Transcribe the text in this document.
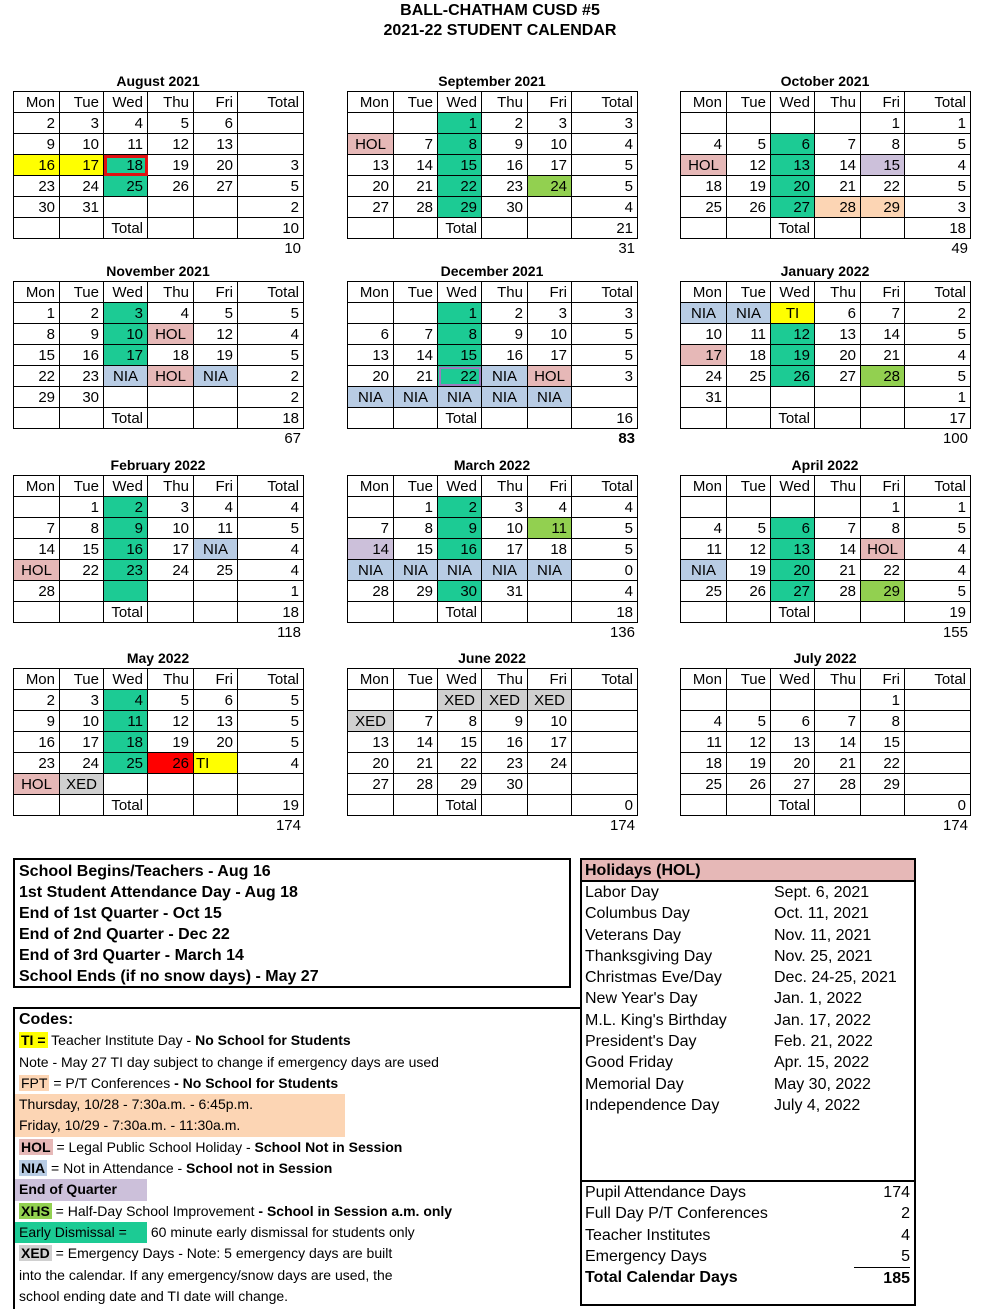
BALL-CHATHAM CUSD #5
2021-22 STUDENT CALENDAR
August 2021
Mon	Tue	Wed	Thu	Fri	Total
2	3	4	5	6	
9	10	11	12	13	
16	17	18	19	20	3
23	24	25	26	27	5
30	31				2
		Total			10
10
September 2021
Mon	Tue	Wed	Thu	Fri	Total
		1	2	3	3
HOL	7	8	9	10	4
13	14	15	16	17	5
20	21	22	23	24	5
27	28	29	30		4
		Total			21
31
October 2021
Mon	Tue	Wed	Thu	Fri	Total
				1	1
4	5	6	7	8	5
HOL	12	13	14	15	4
18	19	20	21	22	5
25	26	27	28	29	3
		Total			18
49
November 2021
Mon	Tue	Wed	Thu	Fri	Total
1	2	3	4	5	5
8	9	10	HOL	12	4
15	16	17	18	19	5
22	23	NIA	HOL	NIA	2
29	30				2
		Total			18
67
December 2021
Mon	Tue	Wed	Thu	Fri	Total
		1	2	3	3
6	7	8	9	10	5
13	14	15	16	17	5
20	21	22	NIA	HOL	3
NIA	NIA	NIA	NIA	NIA	
		Total			16
83
January 2022
Mon	Tue	Wed	Thu	Fri	Total
NIA	NIA	TI	6	7	2
10	11	12	13	14	5
17	18	19	20	21	4
24	25	26	27	28	5
31					1
		Total			17
100
February 2022
Mon	Tue	Wed	Thu	Fri	Total
	1	2	3	4	4
7	8	9	10	11	5
14	15	16	17	NIA	4
HOL	22	23	24	25	4
28					1
		Total			18
118
March 2022
Mon	Tue	Wed	Thu	Fri	Total
	1	2	3	4	4
7	8	9	10	11	5
14	15	16	17	18	5
NIA	NIA	NIA	NIA	NIA	0
28	29	30	31		4
		Total			18
136
April 2022
Mon	Tue	Wed	Thu	Fri	Total
				1	1
4	5	6	7	8	5
11	12	13	14	HOL	4
NIA	19	20	21	22	4
25	26	27	28	29	5
		Total			19
155
May 2022
Mon	Tue	Wed	Thu	Fri	Total
2	3	4	5	6	5
9	10	11	12	13	5
16	17	18	19	20	5
23	24	25	26	TI	4
HOL	XED				
		Total			19
174
June 2022
Mon	Tue	Wed	Thu	Fri	Total
		XED	XED	XED	
XED	7	8	9	10	
13	14	15	16	17	
20	21	22	23	24	
27	28	29	30		
		Total			0
174
July 2022
Mon	Tue	Wed	Thu	Fri	Total
				1	
4	5	6	7	8	
11	12	13	14	15	
18	19	20	21	22	
25	26	27	28	29	
		Total			0
174
School Begins/Teachers - Aug 16
1st Student Attendance Day - Aug 18
End of 1st Quarter - Oct 15
End of 2nd Quarter - Dec 22
End of 3rd Quarter - March 14
School Ends (if no snow days) - May 27
Codes:
TI = Teacher Institute Day - No School for Students
Note - May 27 TI day subject to change if emergency days are used
FPT = P/T Conferences - No School for Students
Thursday, 10/28 - 7:30a.m. - 6:45p.m.
Friday, 10/29 - 7:30a.m. - 11:30a.m.
HOL = Legal Public School Holiday - School Not in Session
NIA = Not in Attendance - School not in Session
End of Quarter
XHS = Half-Day School Improvement - School in Session a.m. only
Early Dismissal = 60 minute early dismissal for students only
XED = Emergency Days - Note: 5 emergency days are built
into the calendar. If any emergency/snow days are used, the
school ending date and TI date will change.
Holidays (HOL)
Labor Day	Sept. 6, 2021
Columbus Day	Oct. 11, 2021
Veterans Day	Nov. 11, 2021
Thanksgiving Day	Nov. 25, 2021
Christmas Eve/Day	Dec. 24-25, 2021
New Year's Day	Jan. 1, 2022
M.L. King's Birthday	Jan. 17, 2022
President's Day	Feb. 21, 2022
Good Friday	Apr. 15, 2022
Memorial Day	May 30, 2022
Independence Day	July 4, 2022
Pupil Attendance Days	174
Full Day P/T Conferences	2
Teacher Institutes	4
Emergency Days	5
Total Calendar Days	185
